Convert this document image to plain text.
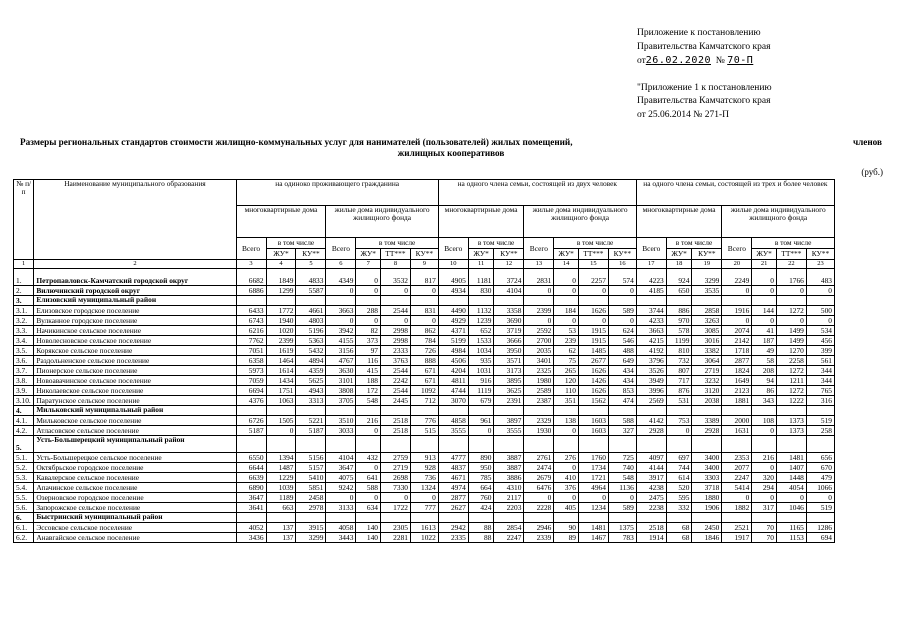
Приложение к постановлению
Правительства Камчатского края
от26.02.2020 № 70-П
"Приложение 1 к постановлению
Правительства Камчатского края
от 25.06.2014 № 271-П
Размеры региональных стандартов стоимости жилищно-коммунальных услуг для нанимателей (пользователей) жилых помещений,	членов
жилищных кооперативов
(руб.)
№ п/п	Наименование муниципального образования	на одиноко проживающего гражданина							на одного члена семьи, состоящей из двух человек							на одного члена семьи, состоящей из трех и более человек						
		многоквартирные дома			жилые дома индивидуального жилищного фонда				многоквартирные дома			жилые дома индивидуального жилищного фонда				многоквартирные дома			жилые дома индивидуального жилищного фонда			
		Всего	в том числе		Всего	в том числе			Всего	в том числе		Всего	в том числе			Всего	в том числе		Всего	в том числе		
			ЖУ*	КУ**		ЖУ*	ТТ***	КУ**		ЖУ*	КУ**		ЖУ*	ТТ***	КУ**		ЖУ*	КУ**		ЖУ*	ТТ***	КУ**
1	2	3	4	5	6	7	8	9	10	11	12	13	14	15	16	17	18	19	20	21	22	23
1.	Петропавловск-Камчатский городской округ	6682	1849	4833	4349	0	3532	817	4905	1181	3724	2831	0	2257	574	4223	924	3299	2249	0	1766	483
2.	Вилючинский городской округ	6886	1299	5587	0	0	0	0	4934	830	4104	0	0	0	0	4185	650	3535	0	0	0	0
3.	Елизовский муниципальный район																					
3.1.	Елизовское городское поселение	6433	1772	4661	3663	288	2544	831	4490	1132	3358	2399	184	1626	589	3744	886	2858	1916	144	1272	500
3.2.	Вулканное городское поселение	6743	1940	4803	0	0	0	0	4929	1239	3690	0	0	0	0	4233	970	3263	0	0	0	0
3.3.	Начикинское сельское поселение	6216	1020	5196	3942	82	2998	862	4371	652	3719	2592	53	1915	624	3663	578	3085	2074	41	1499	534
3.4.	Новолесновское сельское поселение	7762	2399	5363	4155	373	2998	784	5199	1533	3666	2700	239	1915	546	4215	1199	3016	2142	187	1499	456
3.5.	Корякское сельское поселение	7051	1619	5432	3156	97	2333	726	4984	1034	3950	2035	62	1485	488	4192	810	3382	1718	49	1270	399
3.6.	Раздольненское сельское поселение	6358	1464	4894	4767	116	3763	888	4506	935	3571	3401	75	2677	649	3796	732	3064	2877	58	2258	561
3.7.	Пионерское сельское поселение	5973	1614	4359	3630	415	2544	671	4204	1031	3173	2325	265	1626	434	3526	807	2719	1824	208	1272	344
3.8.	Новоавачинское сельское поселение	7059	1434	5625	3101	188	2242	671	4811	916	3895	1980	120	1426	434	3949	717	3232	1649	94	1211	344
3.9.	Николаевское сельское поселение	6694	1751	4943	3808	172	2544	1092	4744	1119	3625	2589	110	1626	853	3996	876	3120	2123	86	1272	765
3.10.	Паратунское сельское поселение	4376	1063	3313	3705	548	2445	712	3070	679	2391	2387	351	1562	474	2569	531	2038	1881	343	1222	316
4.	Мильковский муниципальный район																					
4.1.	Мильковское сельское поселение	6726	1505	5221	3510	216	2518	776	4858	961	3897	2329	138	1603	588	4142	753	3389	2000	108	1373	519
4.2.	Атласовское сельское поселение	5187	0	5187	3033	0	2518	515	3555	0	3555	1930	0	1603	327	2928	0	2928	1631	0	1373	258
5.	Усть-Большерецкий муниципальный район																					
5.1.	Усть-Большерецкое сельское поселение	6550	1394	5156	4104	432	2759	913	4777	890	3887	2761	276	1760	725	4097	697	3400	2353	216	1481	656
5.2.	Октябрьское городское поселение	6644	1487	5157	3647	0	2719	928	4837	950	3887	2474	0	1734	740	4144	744	3400	2077	0	1407	670
5.3.	Кавалерское сельское поселение	6639	1229	5410	4075	641	2698	736	4671	785	3886	2679	410	1721	548	3917	614	3303	2247	320	1448	479
5.4.	Апачинское сельское поселение	6890	1039	5851	9242	588	7330	1324	4974	664	4310	6476	376	4964	1136	4238	520	3718	5414	294	4054	1066
5.5.	Озерновское городское поселение	3647	1189	2458	0	0	0	0	2877	760	2117	0	0	0	0	2475	595	1880	0	0	0	0
5.6.	Запорожское сельское поселение	3641	663	2978	3133	634	1722	777	2627	424	2203	2228	405	1234	589	2238	332	1906	1882	317	1046	519
6.	Быстринский муниципальный район																					
6.1.	Эссовское сельское поселение	4052	137	3915	4058	140	2305	1613	2942	88	2854	2946	90	1481	1375	2518	68	2450	2521	70	1165	1286
6.2.	Анавгайское сельское поселение	3436	137	3299	3443	140	2281	1022	2335	88	2247	2339	89	1467	783	1914	68	1846	1917	70	1153	694
